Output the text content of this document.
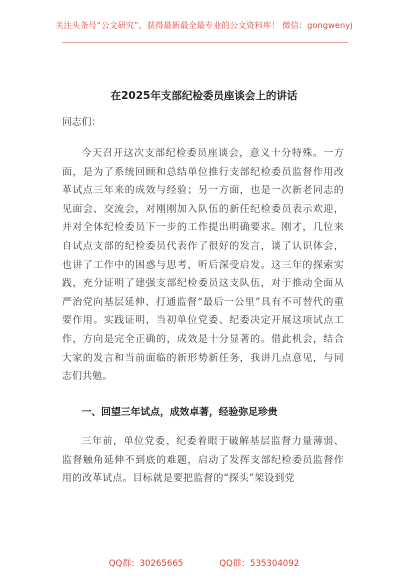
关注头条号“公文研究”，获得最新最全最专业的公文资料库！ 微信：gongwenyj
在2025年支部纪检委员座谈会上的讲话
同志们：

今天召开这次支部纪检委员座谈会，意义十分特殊。一方面，是为了系统回顾和总结单位推行支部纪检委员监督作用改革试点三年来的成效与经验；另一方面，也是一次新老同志的见面会、交流会，对刚刚加入队伍的新任纪检委员表示欢迎，并对全体纪检委员下一步的工作提出明确要求。刚才，几位来自试点支部的纪检委员代表作了很好的发言，谈了认识体会，也讲了工作中的困惑与思考，听后深受启发。这三年的探索实践，充分证明了建强支部纪检委员这支队伍，对于推动全面从严治党向基层延伸、打通监督“最后一公里”具有不可替代的重要作用。实践证明，当初单位党委、纪委决定开展这项试点工作，方向是完全正确的，成效是十分显著的。借此机会，结合大家的发言和当前面临的新形势新任务，我讲几点意见，与同志们共勉。

一、回望三年试点，成效卓著，经验弥足珍贵

三年前，单位党委、纪委着眼于破解基层监督力量薄弱、监督触角延伸不到底的难题，启动了发挥支部纪检委员监督作用的改革试点。目标就是要把监督的“探头”架设到党

QQ群：30265665	QQ群：535304092
